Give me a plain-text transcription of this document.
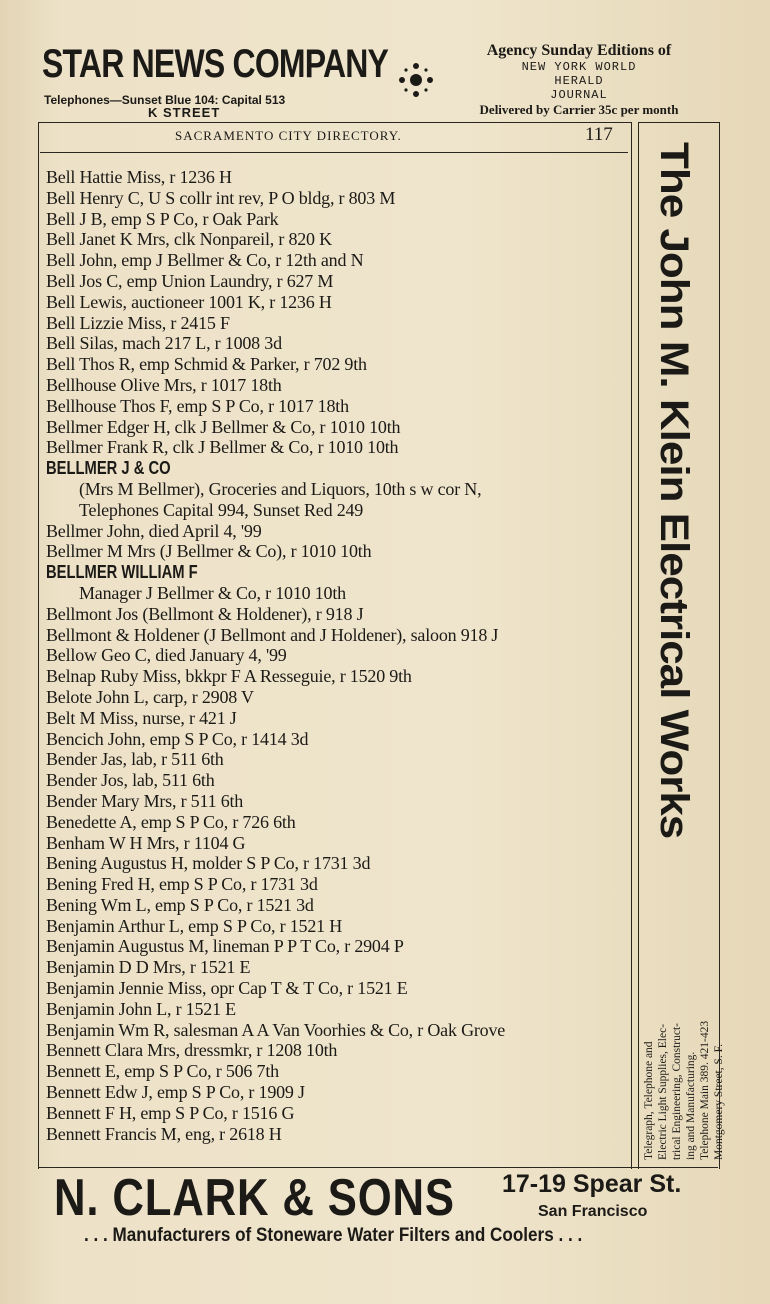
STAR NEWS COMPANY
Telephones—Sunset Blue 104: Capital 513
K STREET
Agency Sunday Editions of
NEW YORK WORLD
HERALD
JOURNAL
Delivered by Carrier 35c per month
SACRAMENTO CITY DIRECTORY.	117
Bell Hattie Miss, r 1236 H
Bell Henry C, U S collr int rev, P O bldg, r 803 M
Bell J B, emp S P Co, r Oak Park
Bell Janet K Mrs, clk Nonpareil, r 820 K
Bell John, emp J Bellmer & Co, r 12th and N
Bell Jos C, emp Union Laundry, r 627 M
Bell Lewis, auctioneer 1001 K, r 1236 H
Bell Lizzie Miss, r 2415 F
Bell Silas, mach 217 L, r 1008 3d
Bell Thos R, emp Schmid & Parker, r 702 9th
Bellhouse Olive Mrs, r 1017 18th
Bellhouse Thos F, emp S P Co, r 1017 18th
Bellmer Edger H, clk J Bellmer & Co, r 1010 10th
Bellmer Frank R, clk J Bellmer & Co, r 1010 10th
BELLMER J & CO
(Mrs M Bellmer), Groceries and Liquors, 10th s w cor N,
Telephones Capital 994, Sunset Red 249
Bellmer John, died April 4, '99
Bellmer M Mrs (J Bellmer & Co), r 1010 10th
BELLMER WILLIAM F
Manager J Bellmer & Co, r 1010 10th
Bellmont Jos (Bellmont & Holdener), r 918 J
Bellmont & Holdener (J Bellmont and J Holdener), saloon 918 J
Bellow Geo C, died January 4, '99
Belnap Ruby Miss, bkkpr F A Resseguie, r 1520 9th
Belote John L, carp, r 2908 V
Belt M Miss, nurse, r 421 J
Bencich John, emp S P Co, r 1414 3d
Bender Jas, lab, r 511 6th
Bender Jos, lab, 511 6th
Bender Mary Mrs, r 511 6th
Benedette A, emp S P Co, r 726 6th
Benham W H Mrs, r 1104 G
Bening Augustus H, molder S P Co, r 1731 3d
Bening Fred H, emp S P Co, r 1731 3d
Bening Wm L, emp S P Co, r 1521 3d
Benjamin Arthur L, emp S P Co, r 1521 H
Benjamin Augustus M, lineman P P T Co, r 2904 P
Benjamin D D Mrs, r 1521 E
Benjamin Jennie Miss, opr Cap T & T Co, r 1521 E
Benjamin John L, r 1521 E
Benjamin Wm R, salesman A A Van Voorhies & Co, r Oak Grove
Bennett Clara Mrs, dressmkr, r 1208 10th
Bennett E, emp S P Co, r 506 7th
Bennett Edw J, emp S P Co, r 1909 J
Bennett F H, emp S P Co, r 1516 G
Bennett Francis M, eng, r 2618 H
The John M. Klein Electrical Works
Telegraph, Telephone and Electric Light Supplies, Elec- trical Engineering, Construct- ing and Manufacturing. Telephone Main 389. 421-423 Montgomery Street, S. F.
N. CLARK & SONS 17-19 Spear St.
San Francisco
. . . Manufacturers of Stoneware Water Filters and Coolers . . .
